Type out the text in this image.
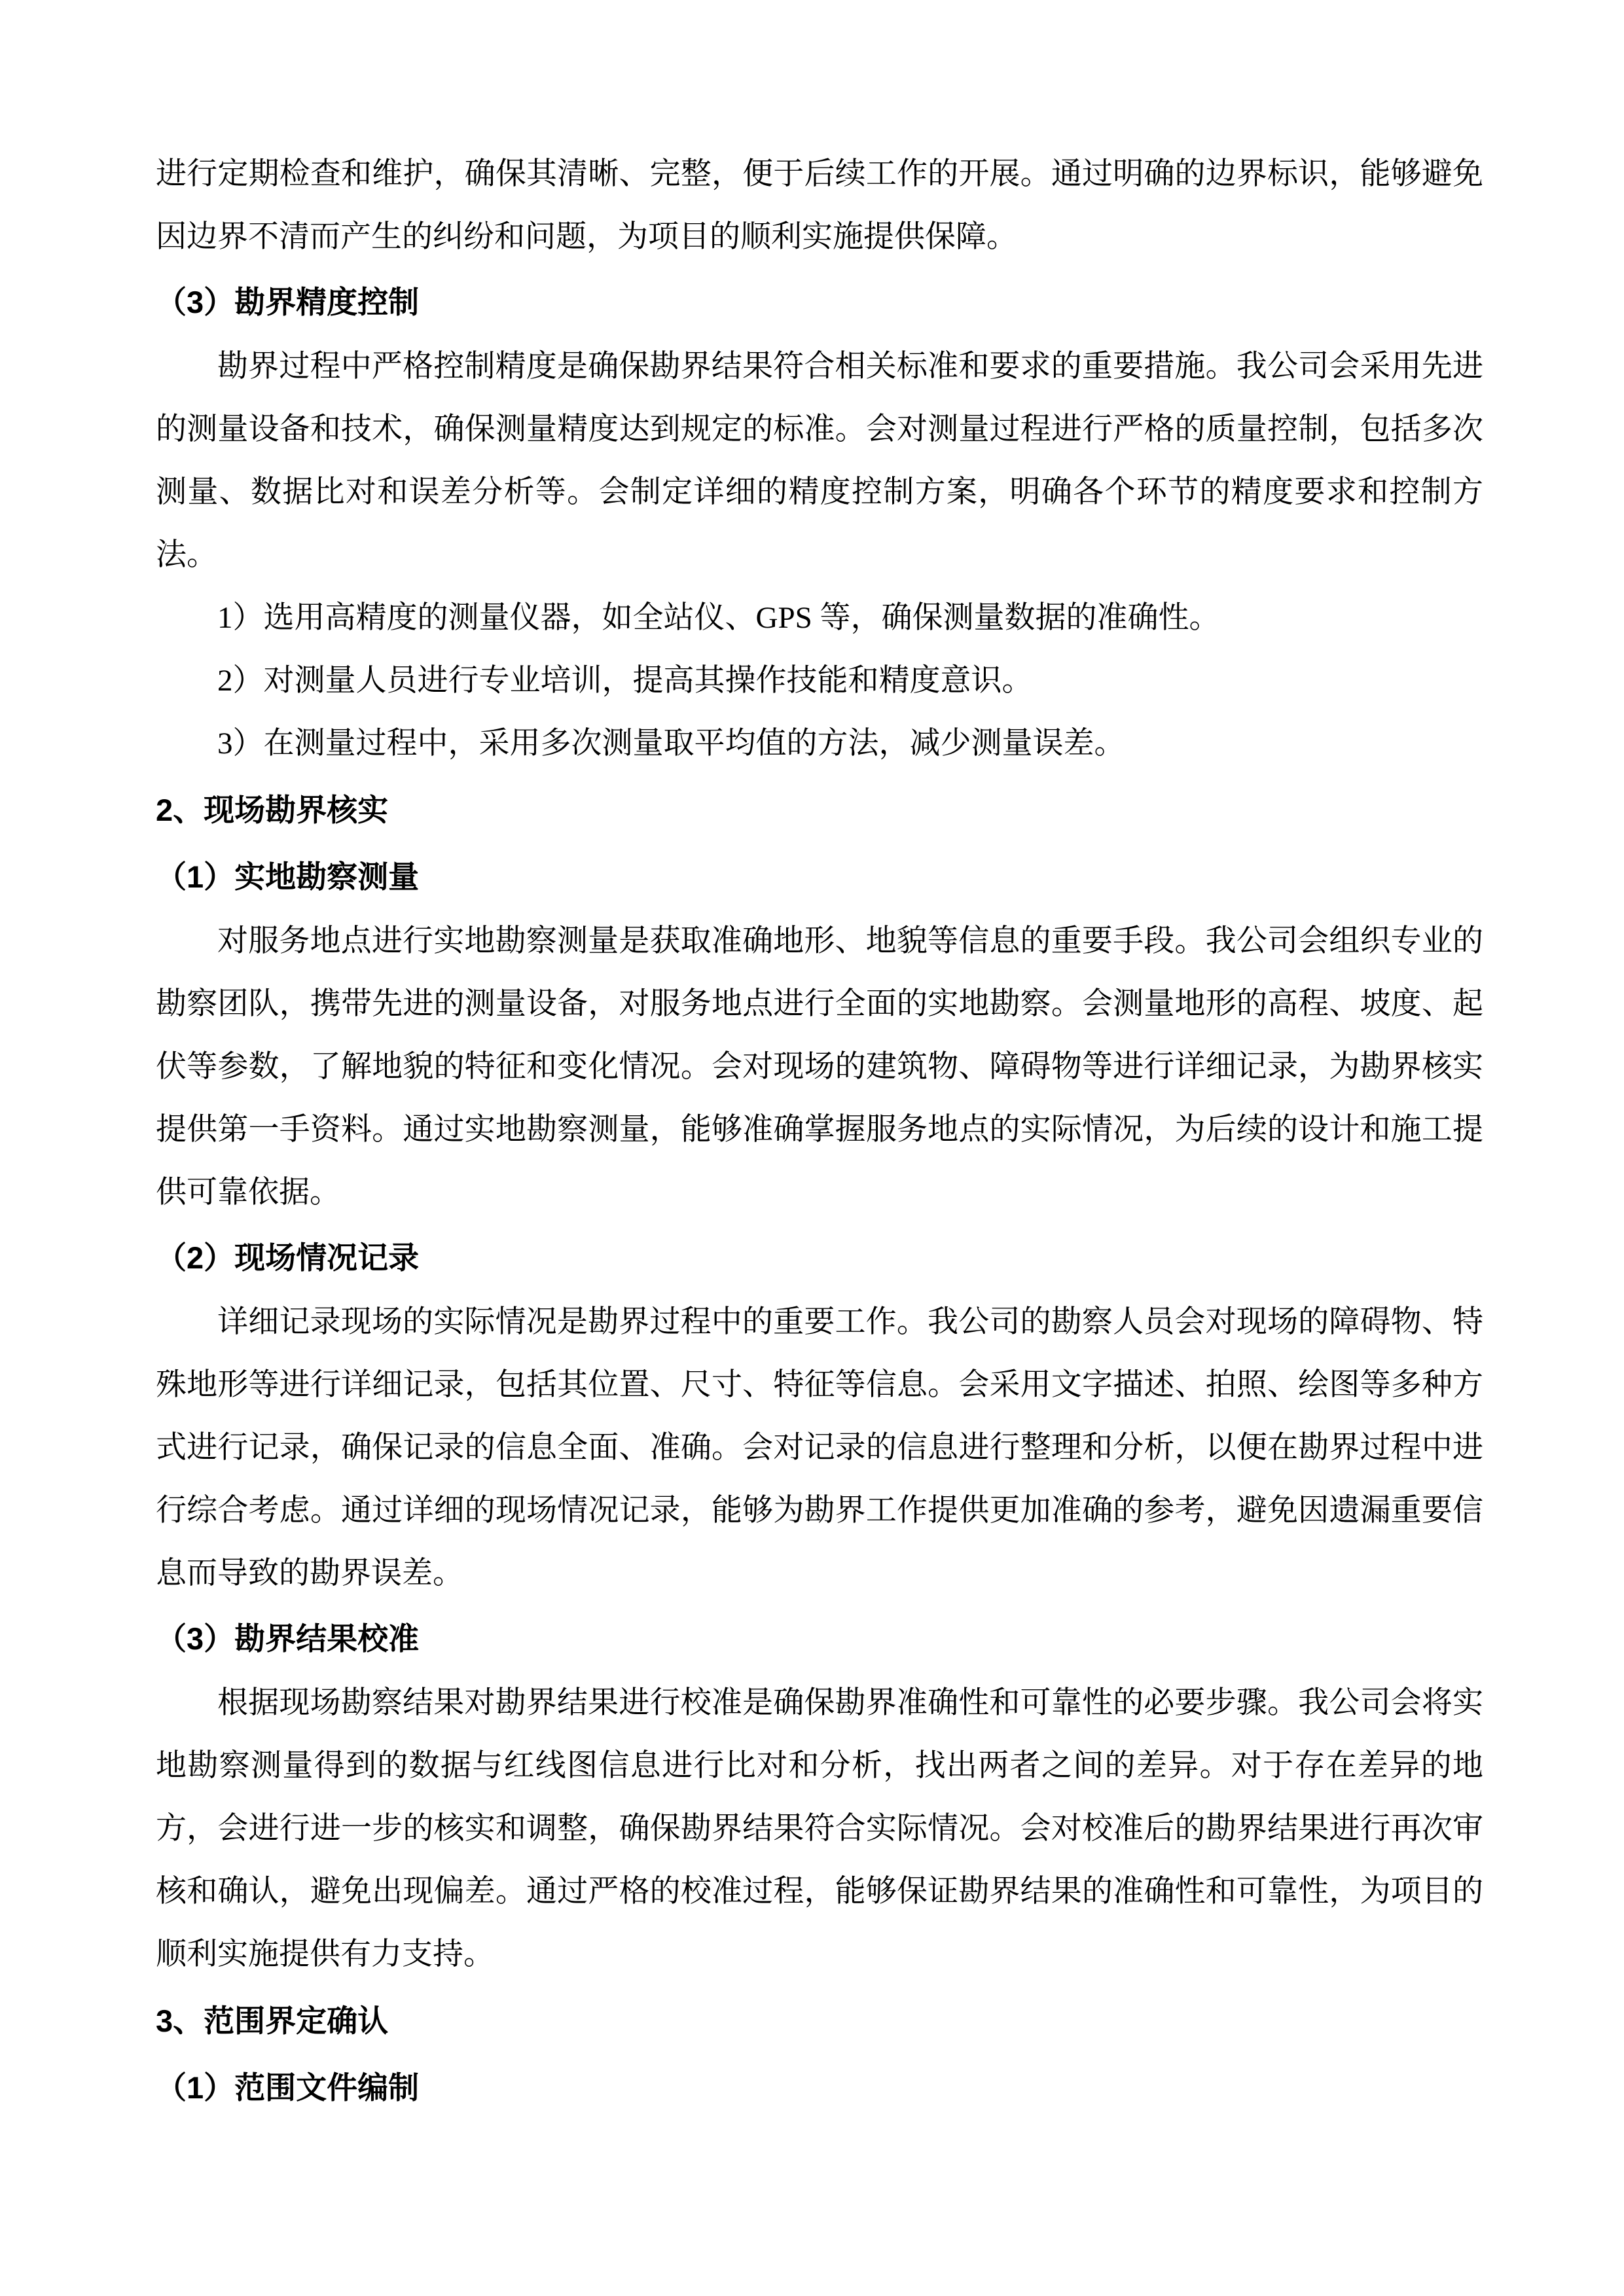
进行定期检查和维护，确保其清晰、完整，便于后续工作的开展。通过明确的边界标识，能够避免因边界不清而产生的纠纷和问题，为项目的顺利实施提供保障。

（3）勘界精度控制

勘界过程中严格控制精度是确保勘界结果符合相关标准和要求的重要措施。我公司会采用先进的测量设备和技术，确保测量精度达到规定的标准。会对测量过程进行严格的质量控制，包括多次测量、数据比对和误差分析等。会制定详细的精度控制方案，明确各个环节的精度要求和控制方法。

1）选用高精度的测量仪器，如全站仪、GPS 等，确保测量数据的准确性。

2）对测量人员进行专业培训，提高其操作技能和精度意识。

3）在测量过程中，采用多次测量取平均值的方法，减少测量误差。

2、现场勘界核实

（1）实地勘察测量

对服务地点进行实地勘察测量是获取准确地形、地貌等信息的重要手段。我公司会组织专业的勘察团队，携带先进的测量设备，对服务地点进行全面的实地勘察。会测量地形的高程、坡度、起伏等参数，了解地貌的特征和变化情况。会对现场的建筑物、障碍物等进行详细记录，为勘界核实提供第一手资料。通过实地勘察测量，能够准确掌握服务地点的实际情况，为后续的设计和施工提供可靠依据。

（2）现场情况记录

详细记录现场的实际情况是勘界过程中的重要工作。我公司的勘察人员会对现场的障碍物、特殊地形等进行详细记录，包括其位置、尺寸、特征等信息。会采用文字描述、拍照、绘图等多种方式进行记录，确保记录的信息全面、准确。会对记录的信息进行整理和分析，以便在勘界过程中进行综合考虑。通过详细的现场情况记录，能够为勘界工作提供更加准确的参考，避免因遗漏重要信息而导致的勘界误差。

（3）勘界结果校准

根据现场勘察结果对勘界结果进行校准是确保勘界准确性和可靠性的必要步骤。我公司会将实地勘察测量得到的数据与红线图信息进行比对和分析，找出两者之间的差异。对于存在差异的地方，会进行进一步的核实和调整，确保勘界结果符合实际情况。会对校准后的勘界结果进行再次审核和确认，避免出现偏差。通过严格的校准过程，能够保证勘界结果的准确性和可靠性，为项目的顺利实施提供有力支持。

3、范围界定确认

（1）范围文件编制
